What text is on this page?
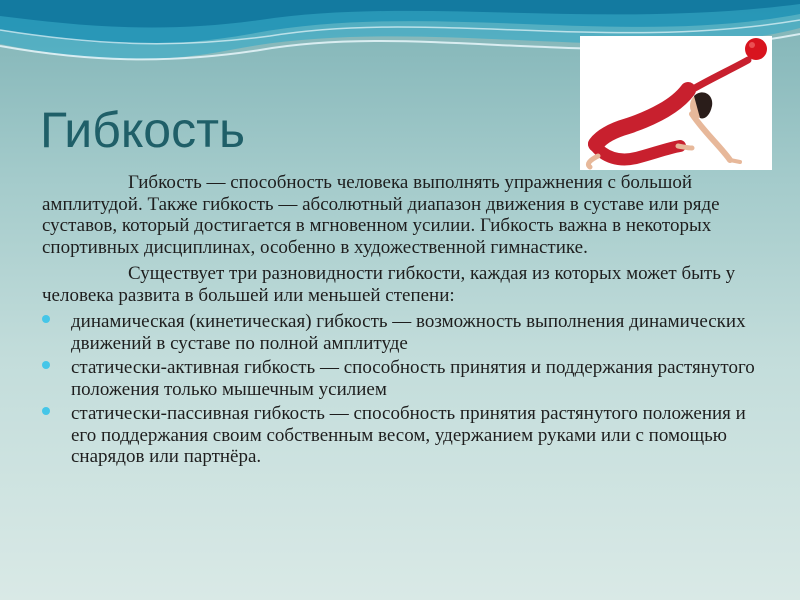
Гибкость

Гибкость — способность человека выполнять упражнения с большой амплитудой. Также гибкость — абсолютный диапазон движения в суставе или ряде суставов, который достигается в мгновенном усилии. Гибкость важна в некоторых спортивных дисциплинах, особенно в художественной гимнастике.

Существует три разновидности гибкости, каждая из которых может быть у человека развита в большей или меньшей степени:

динамическая (кинетическая) гибкость — возможность выполнения динамических движений в суставе по полной амплитуде
статически-активная гибкость — способность принятия и поддержания растянутого положения только мышечным усилием
статически-пассивная гибкость — способность принятия растянутого положения и его поддержания своим собственным весом, удержанием руками или с помощью снарядов или партнёра.
